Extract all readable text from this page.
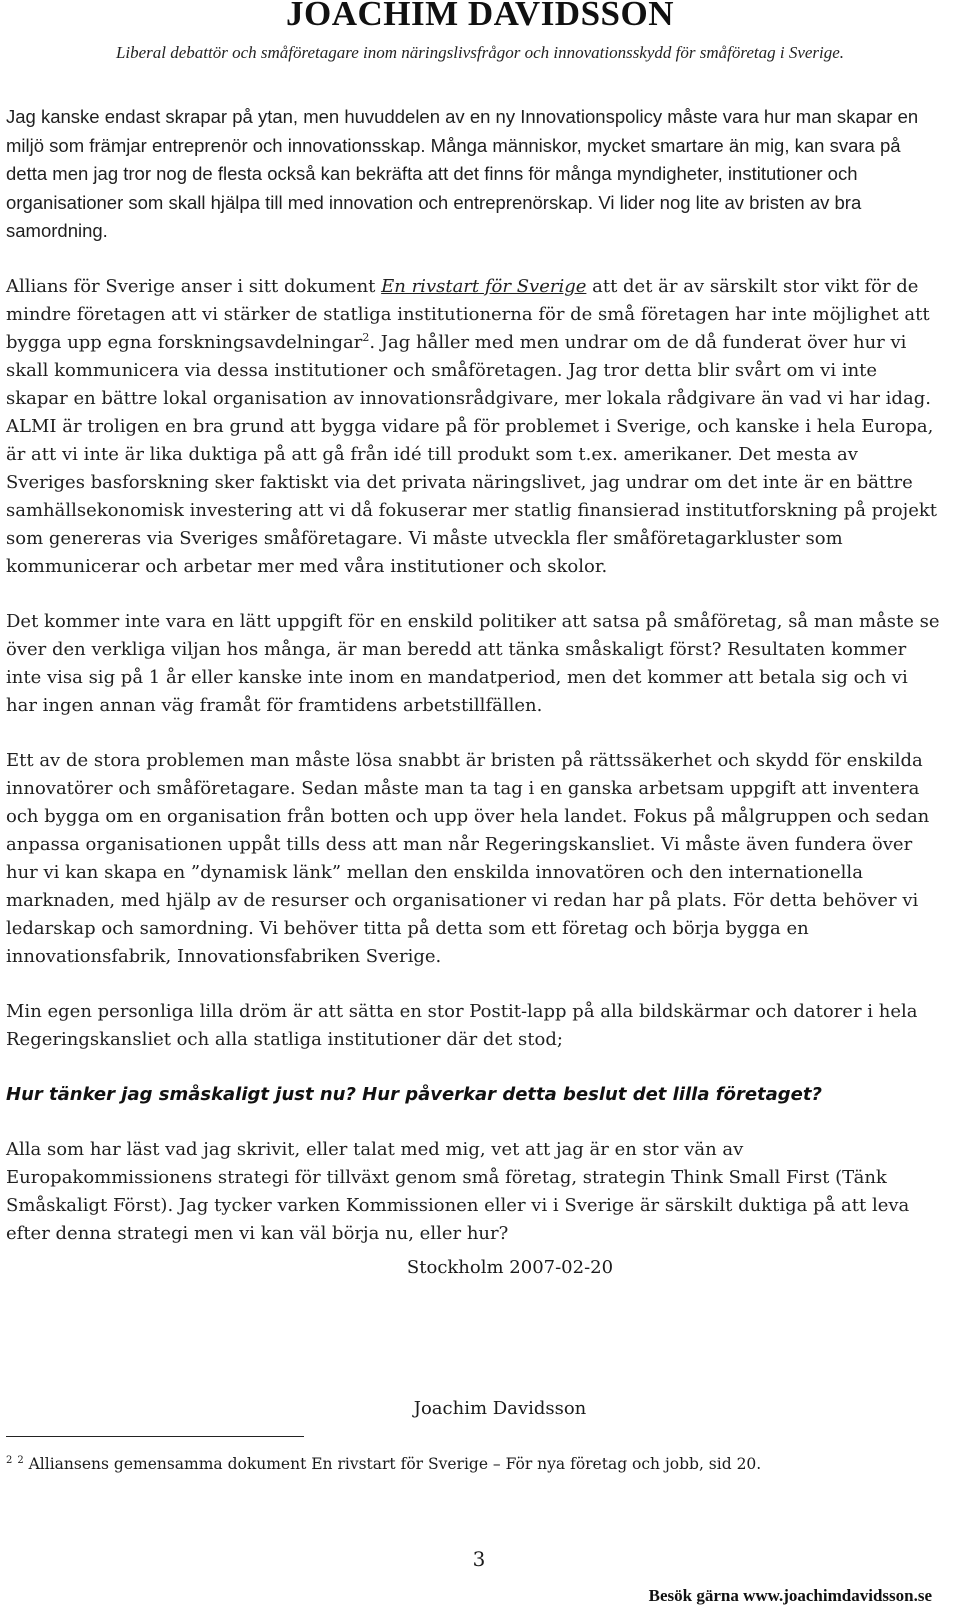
JOACHIM DAVIDSSON
Liberal debattör och småföretagare inom näringslivsfrågor och innovationsskydd för småföretag i Sverige.

Jag kanske endast skrapar på ytan, men huvuddelen av en ny Innovationspolicy måste vara hur man skapar en miljö som främjar entreprenör och innovationsskap. Många människor, mycket smartare än mig, kan svara på detta men jag tror nog de flesta också kan bekräfta att det finns för många myndigheter, institutioner och organisationer som skall hjälpa till med innovation och entreprenörskap. Vi lider nog lite av bristen av bra samordning.

Allians för Sverige anser i sitt dokument En rivstart för Sverige att det är av särskilt stor vikt för de mindre företagen att vi stärker de statliga institutionerna för de små företagen har inte möjlighet att bygga upp egna forskningsavdelningar$^2$. Jag håller med men undrar om de då funderat över hur vi skall kommunicera via dessa institutioner och småföretagen. Jag tror detta blir svårt om vi inte skapar en bättre lokal organisation av innovationsrådgivare, mer lokala rådgivare än vad vi har idag. ALMI är troligen en bra grund att bygga vidare på för problemet i Sverige, och kanske i hela Europa, är att vi inte är lika duktiga på att gå från idé till produkt som t.ex. amerikaner. Det mesta av Sveriges basforskning sker faktiskt via det privata näringslivet, jag undrar om det inte är en bättre samhällsekonomisk investering att vi då fokuserar mer statlig finansierad institutforskning på projekt som genereras via Sveriges småföretagare. Vi måste utveckla fler småföretagarkluster som kommunicerar och arbetar mer med våra institutioner och skolor.

Det kommer inte vara en lätt uppgift för en enskild politiker att satsa på småföretag, så man måste se över den verkliga viljan hos många, är man beredd att tänka småskaligt först? Resultaten kommer inte visa sig på 1 år eller kanske inte inom en mandatperiod, men det kommer att betala sig och vi har ingen annan väg framåt för framtidens arbetstillfällen.

Ett av de stora problemen man måste lösa snabbt är bristen på rättssäkerhet och skydd för enskilda innovatörer och småföretagare. Sedan måste man ta tag i en ganska arbetsam uppgift att inventera och bygga om en organisation från botten och upp över hela landet. Fokus på målgruppen och sedan anpassa organisationen uppåt tills dess att man når Regeringskansliet. Vi måste även fundera över hur vi kan skapa en ”dynamisk länk” mellan den enskilda innovatören och den internationella marknaden, med hjälp av de resurser och organisationer vi redan har på plats. För detta behöver vi ledarskap och samordning. Vi behöver titta på detta som ett företag och börja bygga en innovationsfabrik, Innovationsfabriken Sverige.

Min egen personliga lilla dröm är att sätta en stor Postit-lapp på alla bildskärmar och datorer i hela Regeringskansliet och alla statliga institutioner där det stod;

Hur tänker jag småskaligt just nu? Hur påverkar detta beslut det lilla företaget?

Alla som har läst vad jag skrivit, eller talat med mig, vet att jag är en stor vän av Europakommissionens strategi för tillväxt genom små företag, strategin Think Small First (Tänk Småskaligt Först). Jag tycker varken Kommissionen eller vi i Sverige är särskilt duktiga på att leva efter denna strategi men vi kan väl börja nu, eller hur?

Stockholm 2007-02-20
Joachim Davidsson
$^2$ $^2$ Alliansens gemensamma dokument En rivstart för Sverige – För nya företag och jobb, sid 20.
3
Besök gärna www.joachimdavidsson.se
